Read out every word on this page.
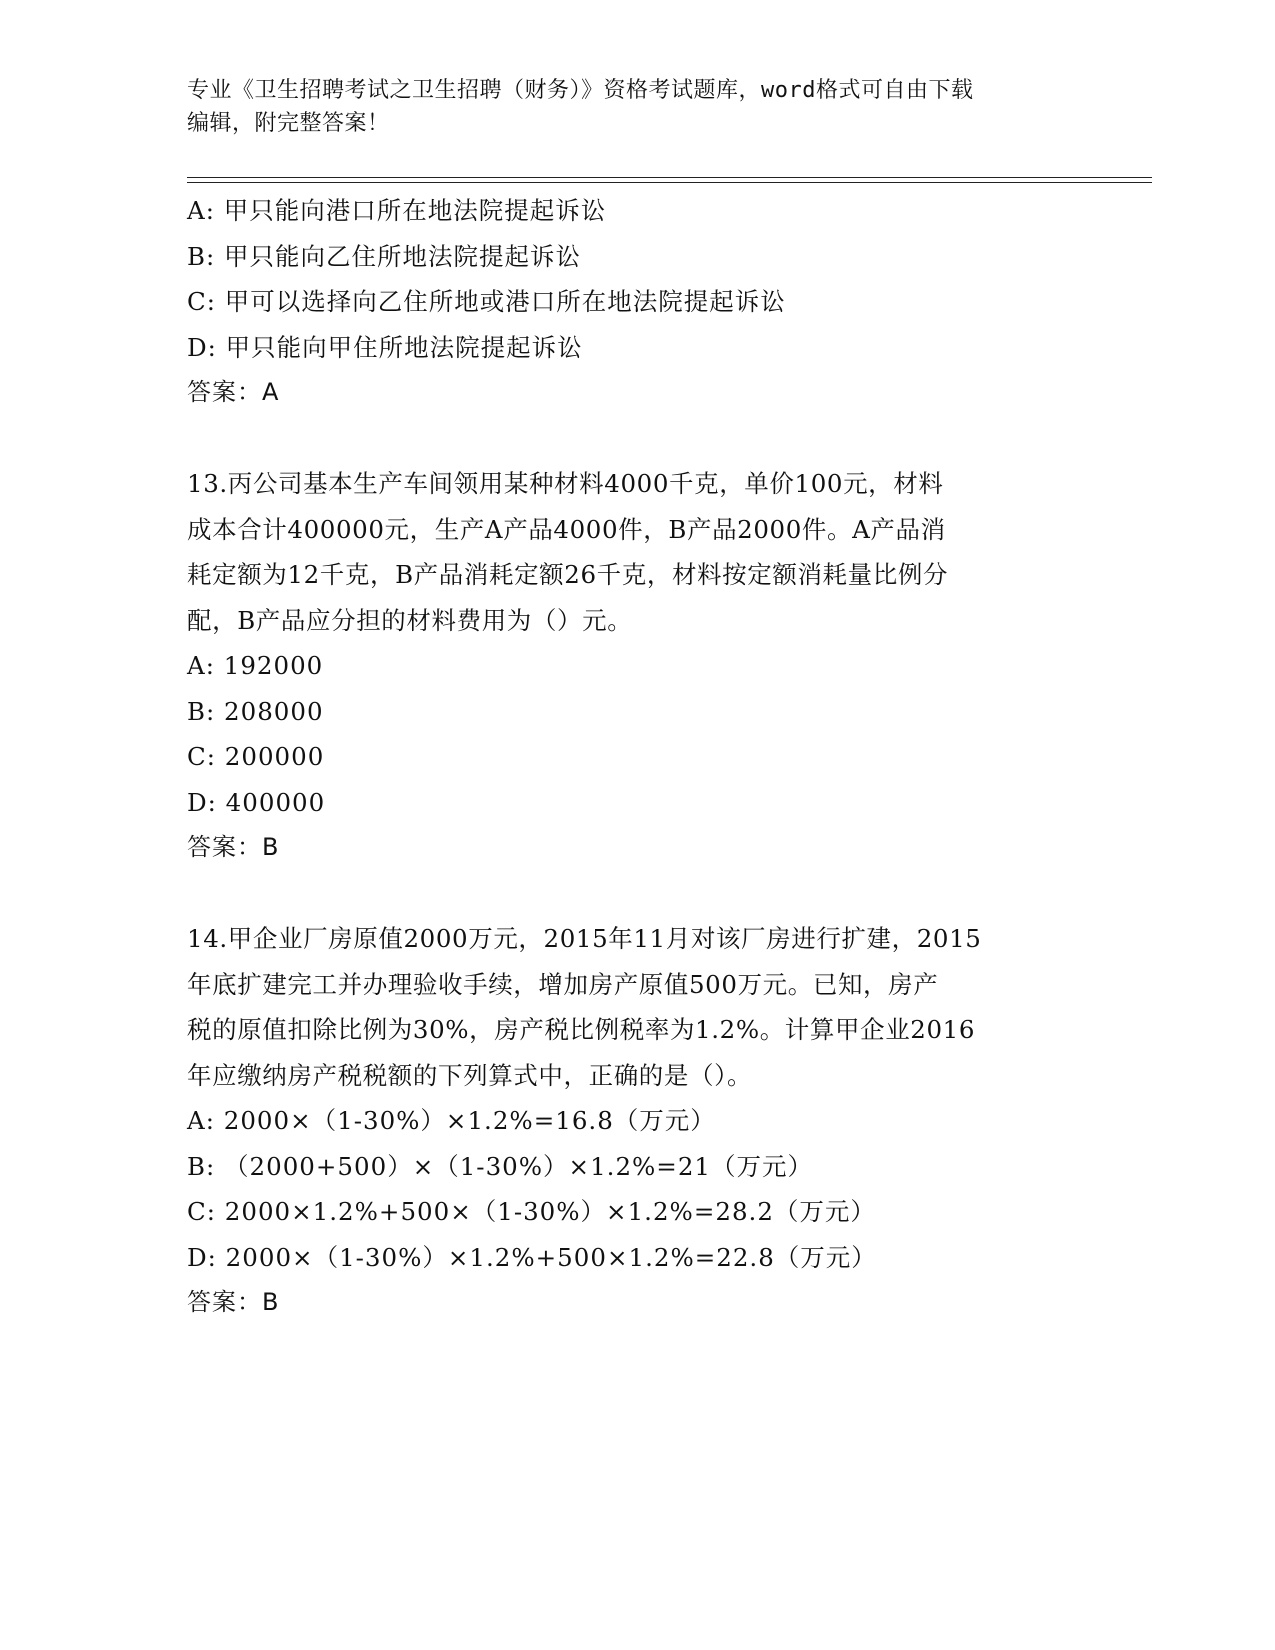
专业《卫生招聘考试之卫生招聘（财务）》资格考试题库，word格式可自由下载
编辑，附完整答案！
A: 甲只能向港口所在地法院提起诉讼
B: 甲只能向乙住所地法院提起诉讼
C: 甲可以选择向乙住所地或港口所在地法院提起诉讼
D: 甲只能向甲住所地法院提起诉讼
答案：A
13.丙公司基本生产车间领用某种材料4000千克，单价100元，材料
成本合计400000元，生产A产品4000件，B产品2000件。A产品消
耗定额为12千克，B产品消耗定额26千克，材料按定额消耗量比例分
配，B产品应分担的材料费用为（）元。
A: 192000
B: 208000
C: 200000
D: 400000
答案：B
14.甲企业厂房原值2000万元，2015年11月对该厂房进行扩建，2015
年底扩建完工并办理验收手续，增加房产原值500万元。已知，房产
税的原值扣除比例为30%，房产税比例税率为1.2%。计算甲企业2016
年应缴纳房产税税额的下列算式中，正确的是（）。
A: 2000×（1-30%）×1.2%=16.8（万元）
B: （2000+500）×（1-30%）×1.2%=21（万元）
C: 2000×1.2%+500×（1-30%）×1.2%=28.2（万元）
D: 2000×（1-30%）×1.2%+500×1.2%=22.8（万元）
答案：B
